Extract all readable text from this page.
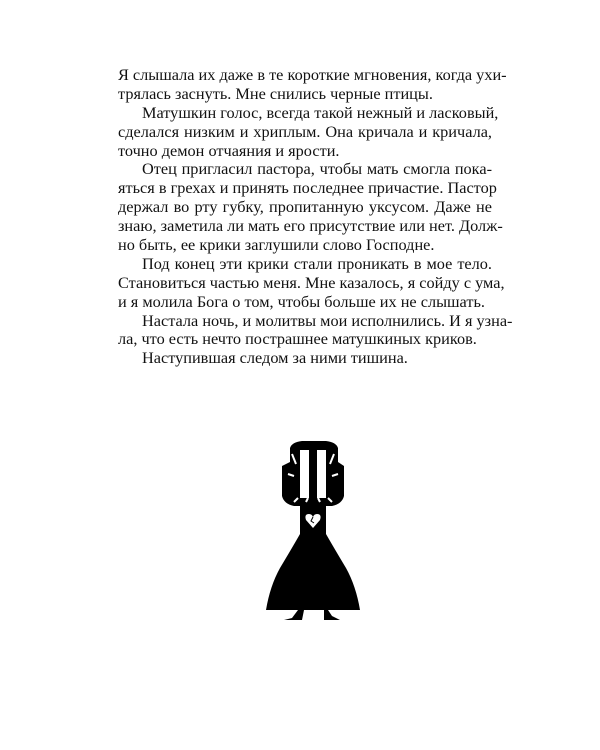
Я слышала их даже в те короткие мгновения, когда ухи-
трялась заснуть. Мне снились черные птицы.
Матушкин голос, всегда такой нежный и ласковый,
сделался низким и хриплым. Она кричала и кричала,
точно демон отчаяния и ярости.
Отец пригласил пастора, чтобы мать смогла пока-
яться в грехах и принять последнее причастие. Пастор
держал во рту губку, пропитанную уксусом. Даже не
знаю, заметила ли мать его присутствие или нет. Долж-
но быть, ее крики заглушили слово Господне.
Под конец эти крики стали проникать в мое тело.
Становиться частью меня. Мне казалось, я сойду с ума,
и я молила Бога о том, чтобы больше их не слышать.
Настала ночь, и молитвы мои исполнились. И я узна-
ла, что есть нечто пострашнее матушкиных криков.
Наступившая следом за ними тишина.
